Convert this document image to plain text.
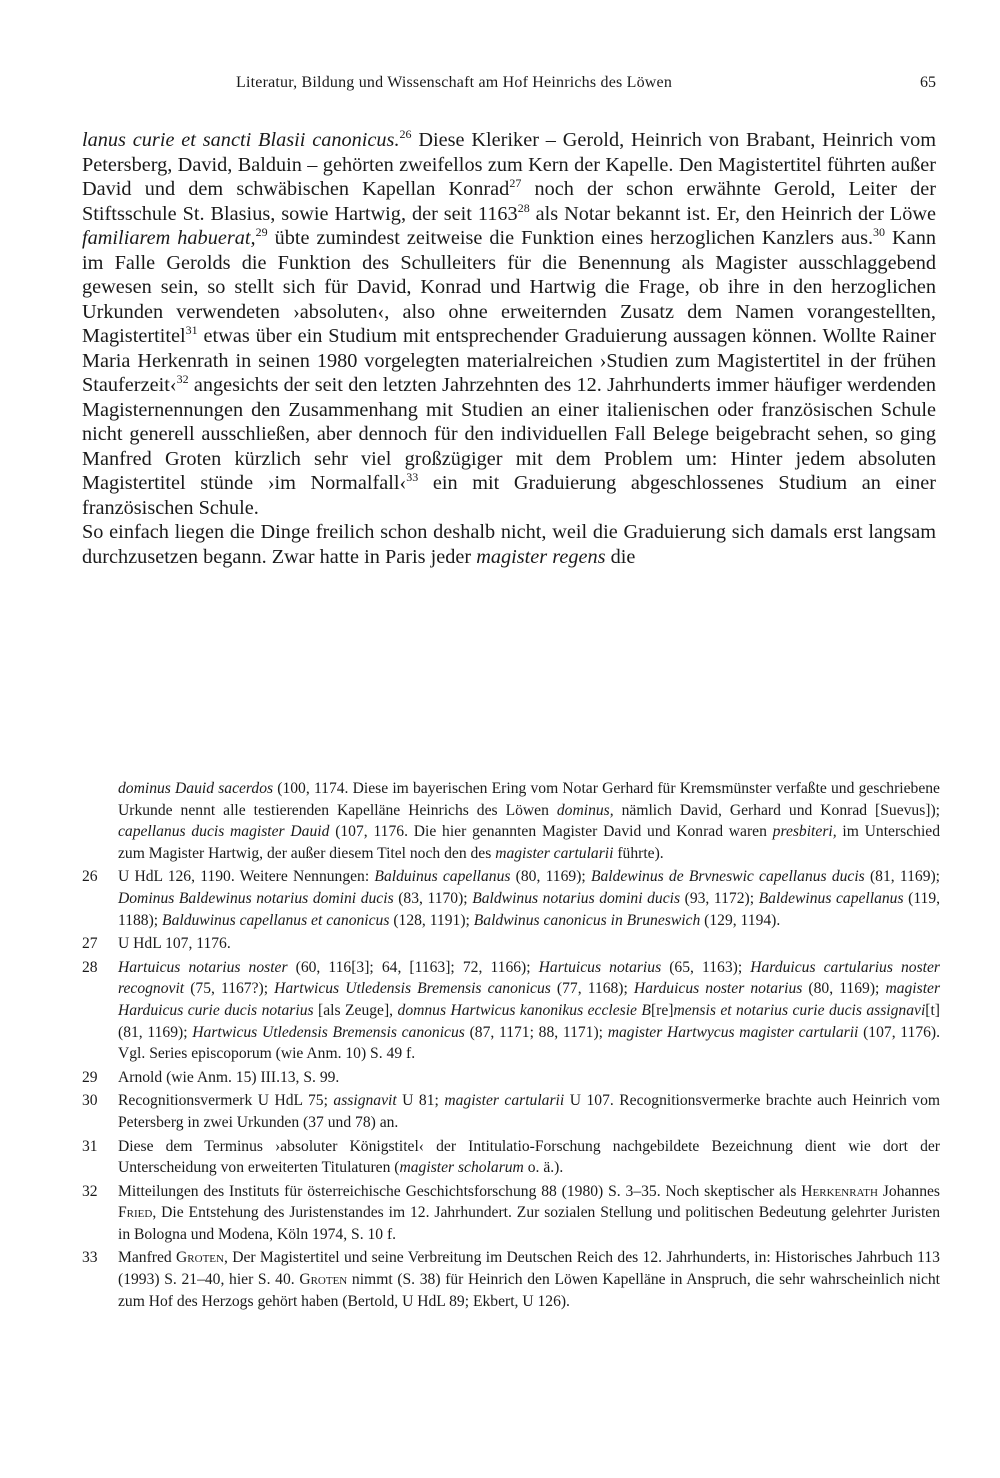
Literatur, Bildung und Wissenschaft am Hof Heinrichs des Löwen	65

lanus curie et sancti Blasii canonicus.$^{26}$ Diese Kleriker – Gerold, Heinrich von Brabant, Heinrich vom Petersberg, David, Balduin – gehörten zweifellos zum Kern der Kapelle. Den Magistertitel führten außer David und dem schwäbischen Kapellan Konrad$^{27}$ noch der schon erwähnte Gerold, Leiter der Stiftsschule St. Blasius, sowie Hartwig, der seit 1163$^{28}$ als Notar bekannt ist. Er, den Heinrich der Löwe familiarem habuerat,$^{29}$ übte zumindest zeitweise die Funktion eines herzoglichen Kanzlers aus.$^{30}$ Kann im Falle Gerolds die Funktion des Schulleiters für die Benennung als Magister ausschlaggebend gewesen sein, so stellt sich für David, Konrad und Hartwig die Frage, ob ihre in den herzoglichen Urkunden verwendeten ›absoluten‹, also ohne erweiternden Zusatz dem Namen vorangestellten, Magistertitel$^{31}$ etwas über ein Studium mit entsprechender Graduierung aussagen können. Wollte Rainer Maria Herkenrath in seinen 1980 vorgelegten materialreichen ›Studien zum Magistertitel in der frühen Stauferzeit‹$^{32}$ angesichts der seit den letzten Jahrzehnten des 12. Jahrhunderts immer häufiger werdenden Magisternennungen den Zusammenhang mit Studien an einer italienischen oder französischen Schule nicht generell ausschließen, aber dennoch für den individuellen Fall Belege beigebracht sehen, so ging Manfred Groten kürzlich sehr viel großzügiger mit dem Problem um: Hinter jedem absoluten Magistertitel stünde ›im Normalfall‹$^{33}$ ein mit Graduierung abgeschlossenes Studium an einer französischen Schule.

So einfach liegen die Dinge freilich schon deshalb nicht, weil die Graduierung sich damals erst langsam durchzusetzen begann. Zwar hatte in Paris jeder magister regens die

dominus Dauid sacerdos (100, 1174. Diese im bayerischen Ering vom Notar Gerhard für Kremsmünster verfaßte und geschriebene Urkunde nennt alle testierenden Kapelläne Heinrichs des Löwen dominus, nämlich David, Gerhard und Konrad [Suevus]); capellanus ducis magister Dauid (107, 1176. Die hier genannten Magister David und Konrad waren presbiteri, im Unterschied zum Magister Hartwig, der außer diesem Titel noch den des magister cartularii führte).

26 U HdL 126, 1190. Weitere Nennungen: Balduinus capellanus (80, 1169); Baldewinus de Brvneswic capellanus ducis (81, 1169); Dominus Baldewinus notarius domini ducis (83, 1170); Baldwinus notarius domini ducis (93, 1172); Baldewinus capellanus (119, 1188); Balduwinus capellanus et canonicus (128, 1191); Baldwinus canonicus in Bruneswich (129, 1194).

27 U HdL 107, 1176.

28 Hartuicus notarius noster (60, 116[3]; 64, [1163]; 72, 1166); Hartuicus notarius (65, 1163); Harduicus cartularius noster recognovit (75, 1167?); Hartwicus Utledensis Bremensis canonicus (77, 1168); Harduicus noster notarius (80, 1169); magister Harduicus curie ducis notarius [als Zeuge], domnus Hartwicus kanonikus ecclesie B[re]mensis et notarius curie ducis assignavi[t] (81, 1169); Hartwicus Utledensis Bremensis canonicus (87, 1171; 88, 1171); magister Hartwycus magister cartularii (107, 1176). Vgl. Series episcoporum (wie Anm. 10) S. 49 f.

29 Arnold (wie Anm. 15) III.13, S. 99.

30 Recognitionsvermerk U HdL 75; assignavit U 81; magister cartularii U 107. Recognitionsvermerke brachte auch Heinrich vom Petersberg in zwei Urkunden (37 und 78) an.

31 Diese dem Terminus ›absoluter Königstitel‹ der Intitulatio-Forschung nachgebildete Bezeichnung dient wie dort der Unterscheidung von erweiterten Titulaturen (magister scholarum o. ä.).

32 Mitteilungen des Instituts für österreichische Geschichtsforschung 88 (1980) S. 3–35. Noch skeptischer als Herkenrath Johannes Fried, Die Entstehung des Juristenstandes im 12. Jahrhundert. Zur sozialen Stellung und politischen Bedeutung gelehrter Juristen in Bologna und Modena, Köln 1974, S. 10 f.

33 Manfred Groten, Der Magistertitel und seine Verbreitung im Deutschen Reich des 12. Jahrhunderts, in: Historisches Jahrbuch 113 (1993) S. 21–40, hier S. 40. Groten nimmt (S. 38) für Heinrich den Löwen Kapelläne in Anspruch, die sehr wahrscheinlich nicht zum Hof des Herzogs gehört haben (Bertold, U HdL 89; Ekbert, U 126).
